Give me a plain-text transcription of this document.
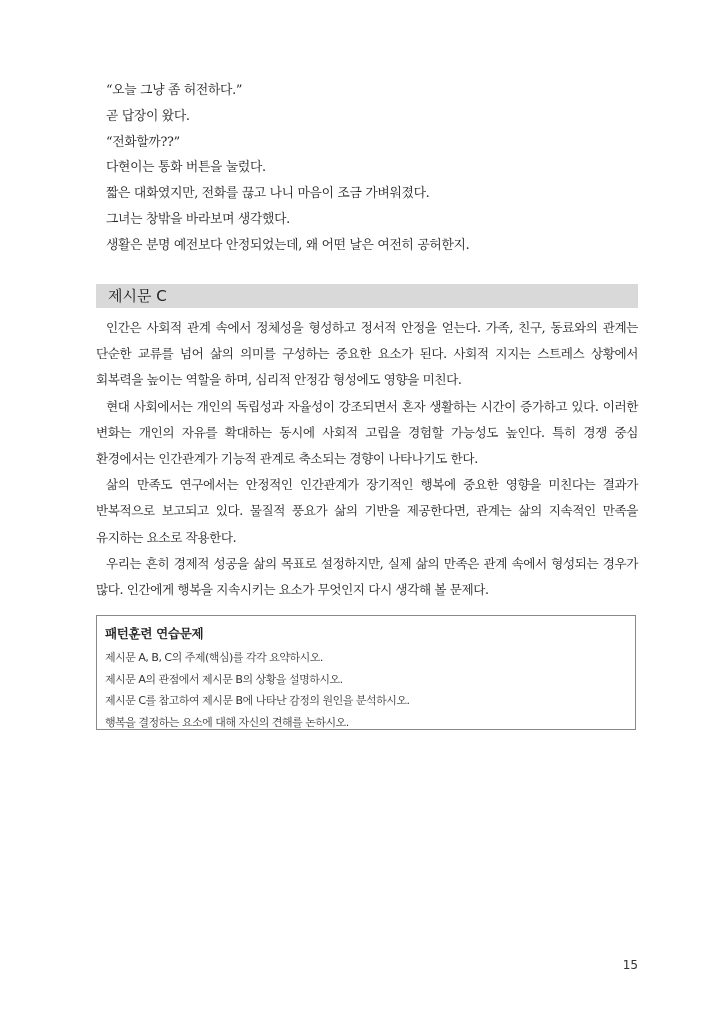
“오늘 그냥 좀 허전하다.”
곧 답장이 왔다.
“전화할까??”
다현이는 통화 버튼을 눌렀다.
짧은 대화였지만, 전화를 끊고 나니 마음이 조금 가벼워졌다.
그녀는 창밖을 바라보며 생각했다.
생활은 분명 예전보다 안정되었는데, 왜 어떤 날은 여전히 공허한지.
제시문 C

인간은 사회적 관계 속에서 정체성을 형성하고 정서적 안정을 얻는다. 가족, 친구, 동료와의 관계는 단순한 교류를 넘어 삶의 의미를 구성하는 중요한 요소가 된다. 사회적 지지는 스트레스 상황에서 회복력을 높이는 역할을 하며, 심리적 안정감 형성에도 영향을 미친다.

현대 사회에서는 개인의 독립성과 자율성이 강조되면서 혼자 생활하는 시간이 증가하고 있다. 이러한 변화는 개인의 자유를 확대하는 동시에 사회적 고립을 경험할 가능성도 높인다. 특히 경쟁 중심 환경에서는 인간관계가 기능적 관계로 축소되는 경향이 나타나기도 한다.

삶의 만족도 연구에서는 안정적인 인간관계가 장기적인 행복에 중요한 영향을 미친다는 결과가 반복적으로 보고되고 있다. 물질적 풍요가 삶의 기반을 제공한다면, 관계는 삶의 지속적인 만족을 유지하는 요소로 작용한다.

우리는 흔히 경제적 성공을 삶의 목표로 설정하지만, 실제 삶의 만족은 관계 속에서 형성되는 경우가 많다. 인간에게 행복을 지속시키는 요소가 무엇인지 다시 생각해 볼 문제다.

패턴훈련 연습문제
제시문 A, B, C의 주제(핵심)를 각각 요약하시오.
제시문 A의 관점에서 제시문 B의 상황을 설명하시오.
제시문 C를 참고하여 제시문 B에 나타난 감정의 원인을 분석하시오.
행복을 결정하는 요소에 대해 자신의 견해를 논하시오.
15
